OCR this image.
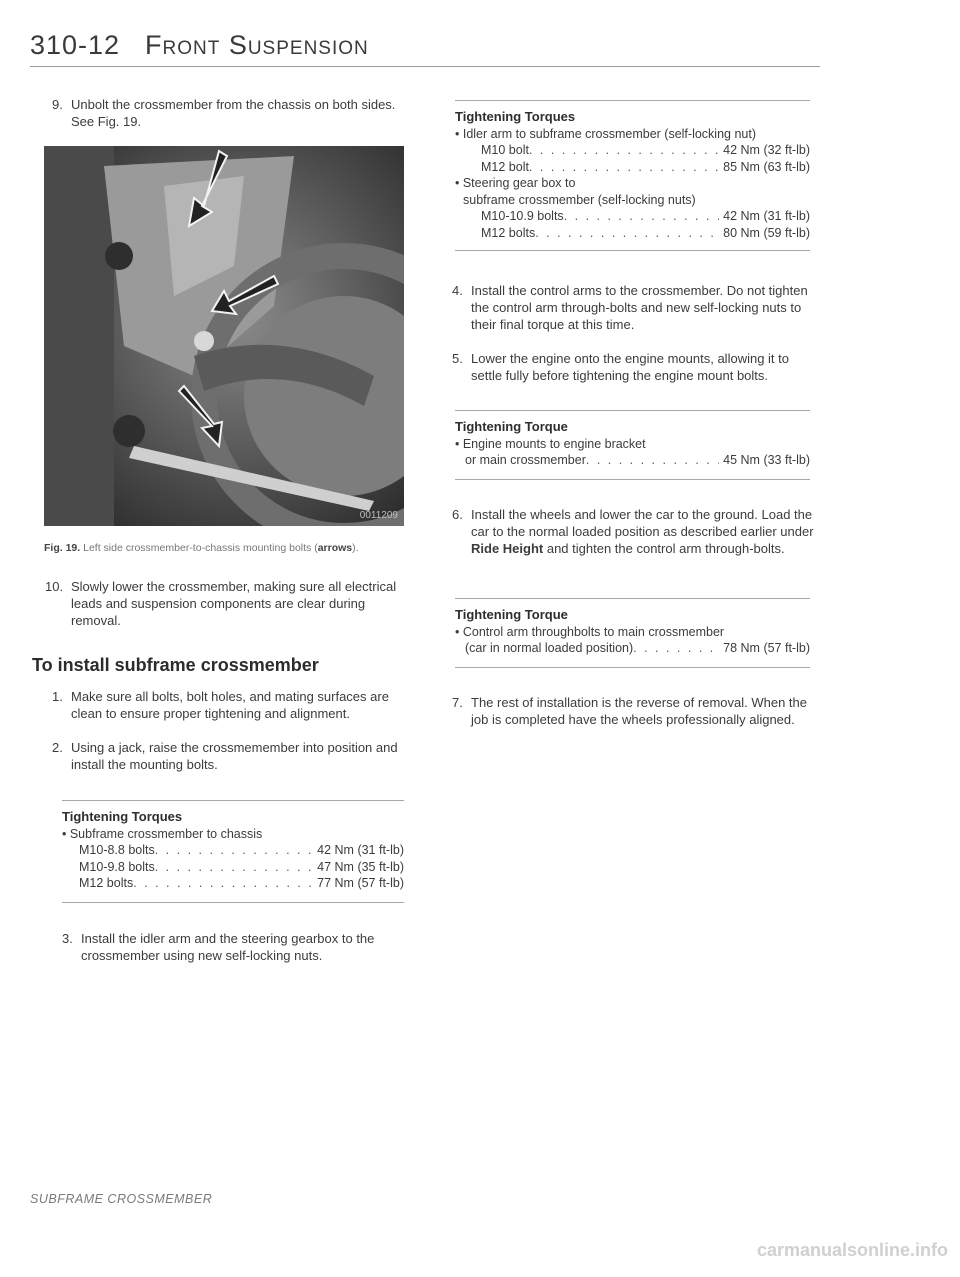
310-12 Front Suspension
9. Unbolt the crossmember from the chassis on both sides. See Fig. 19.
0011209
Fig. 19. Left side crossmember-to-chassis mounting bolts (arrows).
10. Slowly lower the crossmember, making sure all electrical leads and suspension components are clear during removal.
To install subframe crossmember
1. Make sure all bolts, bolt holes, and mating surfaces are clean to ensure proper tightening and alignment.
2. Using a jack, raise the crossmemember into position and install the mounting bolts.
Tightening Torques
• Subframe crossmember to chassis
M10-8.8 bolts . . .	42 Nm (31 ft-lb)
M10-9.8 bolts . . .	47 Nm (35 ft-lb)
M12 bolts . . .	77 Nm (57 ft-lb)
3. Install the idler arm and the steering gearbox to the crossmember using new self-locking nuts.
Tightening Torques
• Idler arm to subframe crossmember (self-locking nut)
M10 bolt . . .	42 Nm (32 ft-lb)
M12 bolt . . .	85 Nm (63 ft-lb)
• Steering gear box to
subframe crossmember (self-locking nuts)
M10-10.9 bolts . . .	42 Nm (31 ft-lb)
M12 bolts . . .	80 Nm (59 ft-lb)
4. Install the control arms to the crossmember. Do not tighten the control arm through-bolts and new self-locking nuts to their final torque at this time.
5. Lower the engine onto the engine mounts, allowing it to settle fully before tightening the engine mount bolts.
Tightening Torque
• Engine mounts to engine bracket
or main crossmember . . .	45 Nm (33 ft-lb)
6. Install the wheels and lower the car to the ground. Load the car to the normal loaded position as described earlier under Ride Height and tighten the control arm through-bolts.
Tightening Torque
• Control arm throughbolts to main crossmember
(car in normal loaded position) . . .	78 Nm (57 ft-lb)
7. The rest of installation is the reverse of removal. When the job is completed have the wheels professionally aligned.
SUBFRAME CROSSMEMBER
carmanualsonline.info
